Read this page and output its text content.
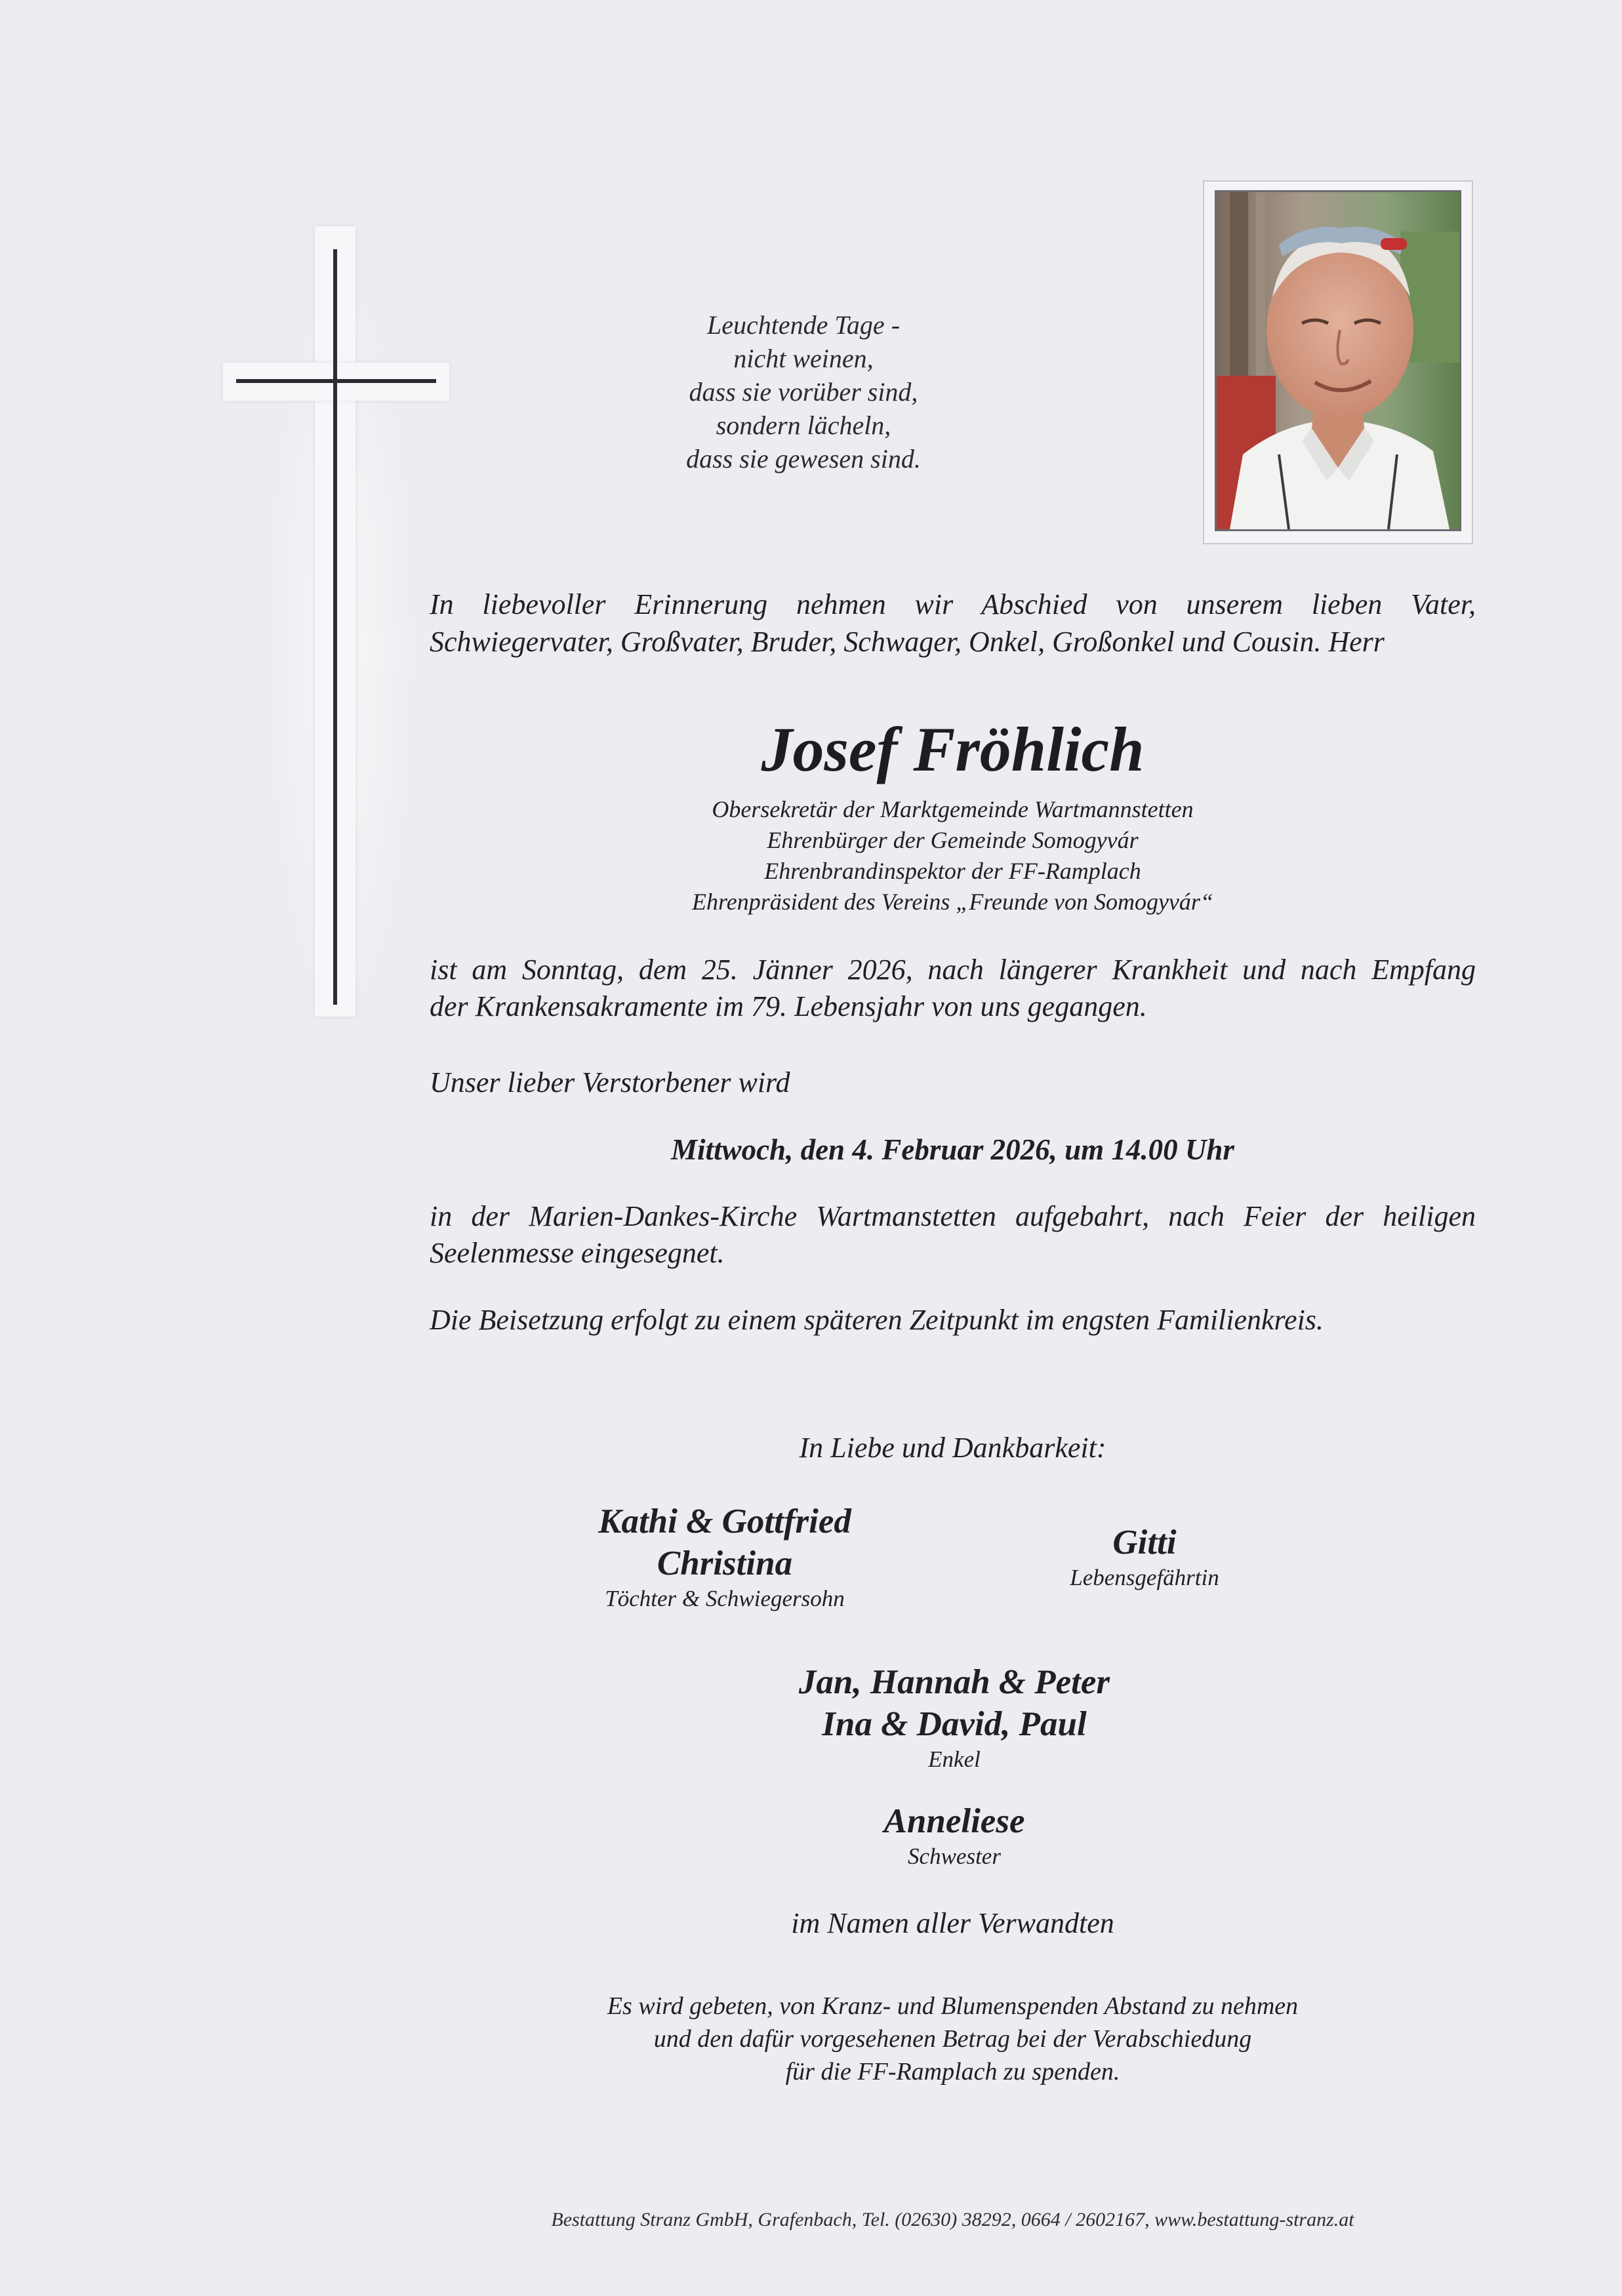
Leuchtende Tage -
nicht weinen,
dass sie vorüber sind,
sondern lächeln,
dass sie gewesen sind.
In liebevoller Erinnerung nehmen wir Abschied von unserem lieben Vater,
Schwiegervater, Großvater, Bruder, Schwager, Onkel, Großonkel und Cousin. Herr
Josef Fröhlich
Obersekretär der Marktgemeinde Wartmannstetten
Ehrenbürger der Gemeinde Somogyvár
Ehrenbrandinspektor der FF-Ramplach
Ehrenpräsident des Vereins „Freunde von Somogyvár“
ist am Sonntag, dem 25. Jänner 2026, nach längerer Krankheit und nach Empfang
der Krankensakramente im 79. Lebensjahr von uns gegangen.
Unser lieber Verstorbener wird
Mittwoch, den 4. Februar 2026, um 14.00 Uhr
in der Marien-Dankes-Kirche Wartmanstetten aufgebahrt, nach Feier der heiligen
Seelenmesse eingesegnet.
Die Beisetzung erfolgt zu einem späteren Zeitpunkt im engsten Familienkreis.
In Liebe und Dankbarkeit:
Kathi & Gottfried
Christina
Töchter & Schwiegersohn
Gitti
Lebensgefährtin
Jan, Hannah & Peter
Ina & David, Paul
Enkel
Anneliese
Schwester
im Namen aller Verwandten
Es wird gebeten, von Kranz- und Blumenspenden Abstand zu nehmen
und den dafür vorgesehenen Betrag bei der Verabschiedung
für die FF-Ramplach zu spenden.
Bestattung Stranz GmbH, Grafenbach, Tel. (02630) 38292, 0664 / 2602167, www.bestattung-stranz.at
